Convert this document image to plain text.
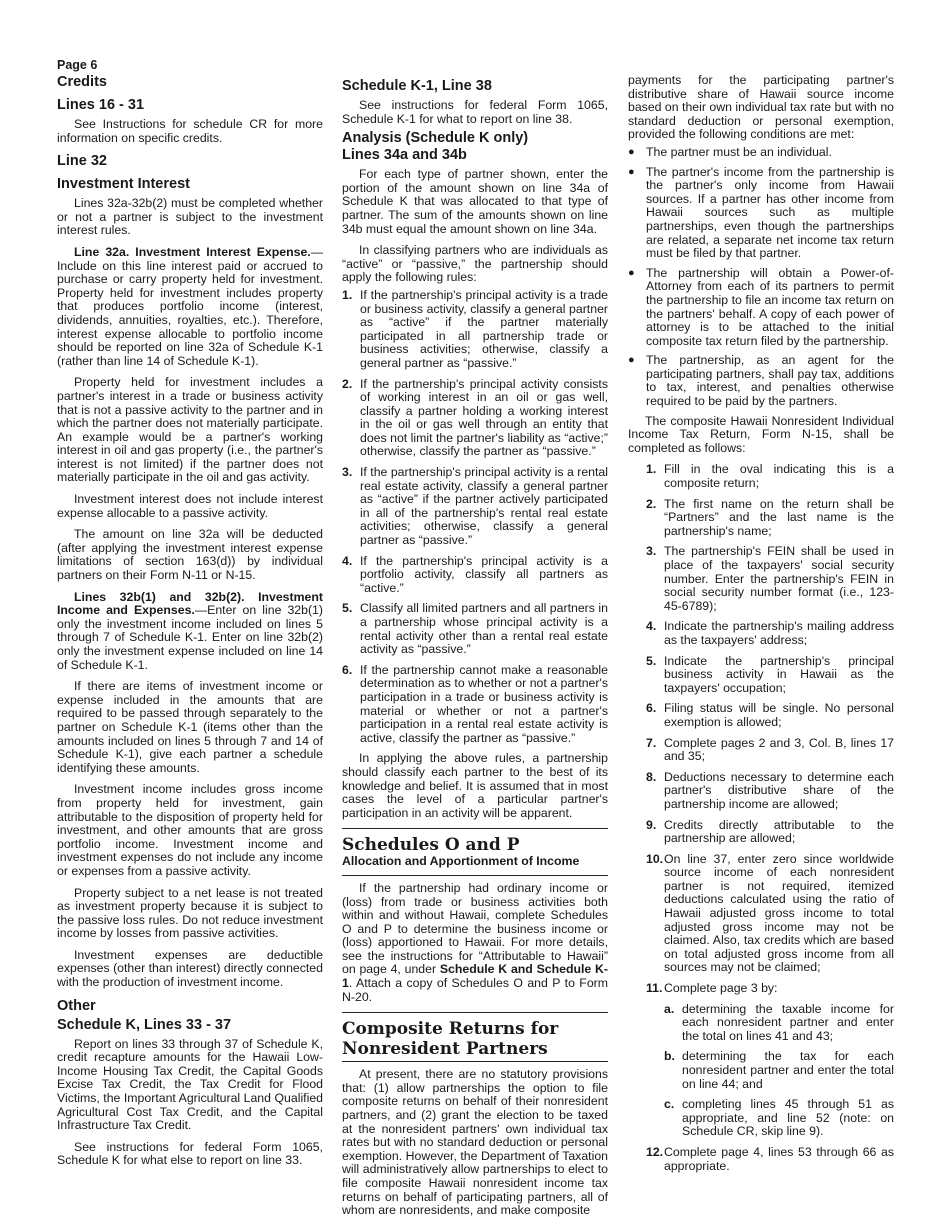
Page 6
Credits
Lines 16 - 31

See Instructions for schedule CR for more information on specific credits.

Line 32
Investment Interest

Lines 32a-32b(2) must be completed whether or not a partner is subject to the investment interest rules.

Line 32a. Investment Interest Expense.—Include on this line interest paid or accrued to purchase or carry property held for investment. Property held for investment includes property that produces portfolio income (interest, dividends, annuities, royalties, etc.). Therefore, interest expense allocable to portfolio income should be reported on line 32a of Schedule K-1 (rather than line 14 of Schedule K-1).

Property held for investment includes a partner's interest in a trade or business activity that is not a passive activity to the partner and in which the partner does not materially participate. An example would be a partner's working interest in oil and gas property (i.e., the partner's interest is not limited) if the partner does not materially participate in the oil and gas activity.

Investment interest does not include interest expense allocable to a passive activity.

The amount on line 32a will be deducted (after applying the investment interest expense limitations of section 163(d)) by individual partners on their Form N-11 or N-15.

Lines 32b(1) and 32b(2). Investment Income and Expenses.—Enter on line 32b(1) only the investment income included on lines 5 through 7 of Schedule K-1. Enter on line 32b(2) only the investment expense included on line 14 of Schedule K-1.

If there are items of investment income or expense included in the amounts that are required to be passed through separately to the partner on Schedule K-1 (items other than the amounts included on lines 5 through 7 and 14 of Schedule K-1), give each partner a schedule identifying these amounts.

Investment income includes gross income from property held for investment, gain attributable to the disposition of property held for investment, and other amounts that are gross portfolio income. Investment income and investment expenses do not include any income or expenses from a passive activity.

Property subject to a net lease is not treated as investment property because it is subject to the passive loss rules. Do not reduce investment income by losses from passive activities.

Investment expenses are deductible expenses (other than interest) directly connected with the production of investment income.

Other
Schedule K, Lines 33 - 37

Report on lines 33 through 37 of Schedule K, credit recapture amounts for the Hawaii Low-Income Housing Tax Credit, the Capital Goods Excise Tax Credit, the Tax Credit for Flood Victims, the Important Agricultural Land Qualified Agricultural Cost Tax Credit, and the Capital Infrastructure Tax Credit.

See instructions for federal Form 1065, Schedule K for what else to report on line 33.

Schedule K-1, Line 38

See instructions for federal Form 1065, Schedule K-1 for what to report on line 38.

Analysis (Schedule K only)
Lines 34a and 34b

For each type of partner shown, enter the portion of the amount shown on line 34a of Schedule K that was allocated to that type of partner. The sum of the amounts shown on line 34b must equal the amount shown on line 34a.

In classifying partners who are individuals as “active” or “passive,” the partnership should apply the following rules:

1. If the partnership's principal activity is a trade or business activity, classify a general partner as “active” if the partner materially participated in all partnership trade or business activities; otherwise, classify a general partner as “passive.”
2. If the partnership's principal activity consists of working interest in an oil or gas well, classify a partner holding a working interest in the oil or gas well through an entity that does not limit the partner's liability as “active;” otherwise, classify the partner as “passive.”
3. If the partnership's principal activity is a rental real estate activity, classify a general partner as “active” if the partner actively participated in all of the partnership's rental real estate activities; otherwise, classify a general partner as “passive.”
4. If the partnership's principal activity is a portfolio activity, classify all partners as “active.”
5. Classify all limited partners and all partners in a partnership whose principal activity is a rental activity other than a rental real estate activity as “passive.”
6. If the partnership cannot make a reasonable determination as to whether or not a partner's participation in a trade or business activity is material or whether or not a partner's participation in a rental real estate activity is active, classify the partner as “passive.”

In applying the above rules, a partnership should classify each partner to the best of its knowledge and belief. It is assumed that in most cases the level of a particular partner's participation in an activity will be apparent.

Schedules O and P
Allocation and Apportionment of Income

If the partnership had ordinary income or (loss) from trade or business activities both within and without Hawaii, complete Schedules O and P to determine the business income or (loss) apportioned to Hawaii. For more details, see the instructions for “Attributable to Hawaii” on page 4, under Schedule K and Schedule K-1. Attach a copy of Schedules O and P to Form N-20.

Composite Returns for
Nonresident Partners

At present, there are no statutory provisions that: (1) allow partnerships the option to file composite returns on behalf of their nonresident partners, and (2) grant the election to be taxed at the nonresident partners' own individual tax rates but with no standard deduction or personal exemption. However, the Department of Taxation will administratively allow partnerships to elect to file composite Hawaii nonresident income tax returns on behalf of participating partners, all of whom are nonresidents, and make composite

payments for the participating partner's distributive share of Hawaii source income based on their own individual tax rate but with no standard deduction or personal exemption, provided the following conditions are met:

● The partner must be an individual.
● The partner's income from the partnership is the partner's only income from Hawaii sources. If a partner has other income from Hawaii sources such as multiple partnerships, even though the partnerships are related, a separate net income tax return must be filed by that partner.
● The partnership will obtain a Power-of-Attorney from each of its partners to permit the partnership to file an income tax return on the partners' behalf. A copy of each power of attorney is to be attached to the initial composite tax return filed by the partnership.
● The partnership, as an agent for the participating partners, shall pay tax, additions to tax, interest, and penalties otherwise required to be paid by the partners.

The composite Hawaii Nonresident Individual Income Tax Return, Form N-15, shall be completed as follows:

1. Fill in the oval indicating this is a composite return;
2. The first name on the return shall be “Partners” and the last name is the partnership's name;
3. The partnership's FEIN shall be used in place of the taxpayers' social security number. Enter the partnership's FEIN in social security number format (i.e., 123-45-6789);
4. Indicate the partnership's mailing address as the taxpayers' address;
5. Indicate the partnership's principal business activity in Hawaii as the taxpayers' occupation;
6. Filing status will be single. No personal exemption is allowed;
7. Complete pages 2 and 3, Col. B, lines 17 and 35;
8. Deductions necessary to determine each partner's distributive share of the partnership income are allowed;
9. Credits directly attributable to the partnership are allowed;
10. On line 37, enter zero since worldwide source income of each nonresident partner is not required, itemized deductions calculated using the ratio of Hawaii adjusted gross income to total adjusted gross income may not be claimed. Also, tax credits which are based on total adjusted gross income from all sources may not be claimed;
11. Complete page 3 by:
a. determining the taxable income for each nonresident partner and enter the total on lines 41 and 43;
b. determining the tax for each nonresident partner and enter the total on line 44; and
c. completing lines 45 through 51 as appropriate, and line 52 (note: on Schedule CR, skip line 9).
12. Complete page 4, lines 53 through 66 as appropriate.
